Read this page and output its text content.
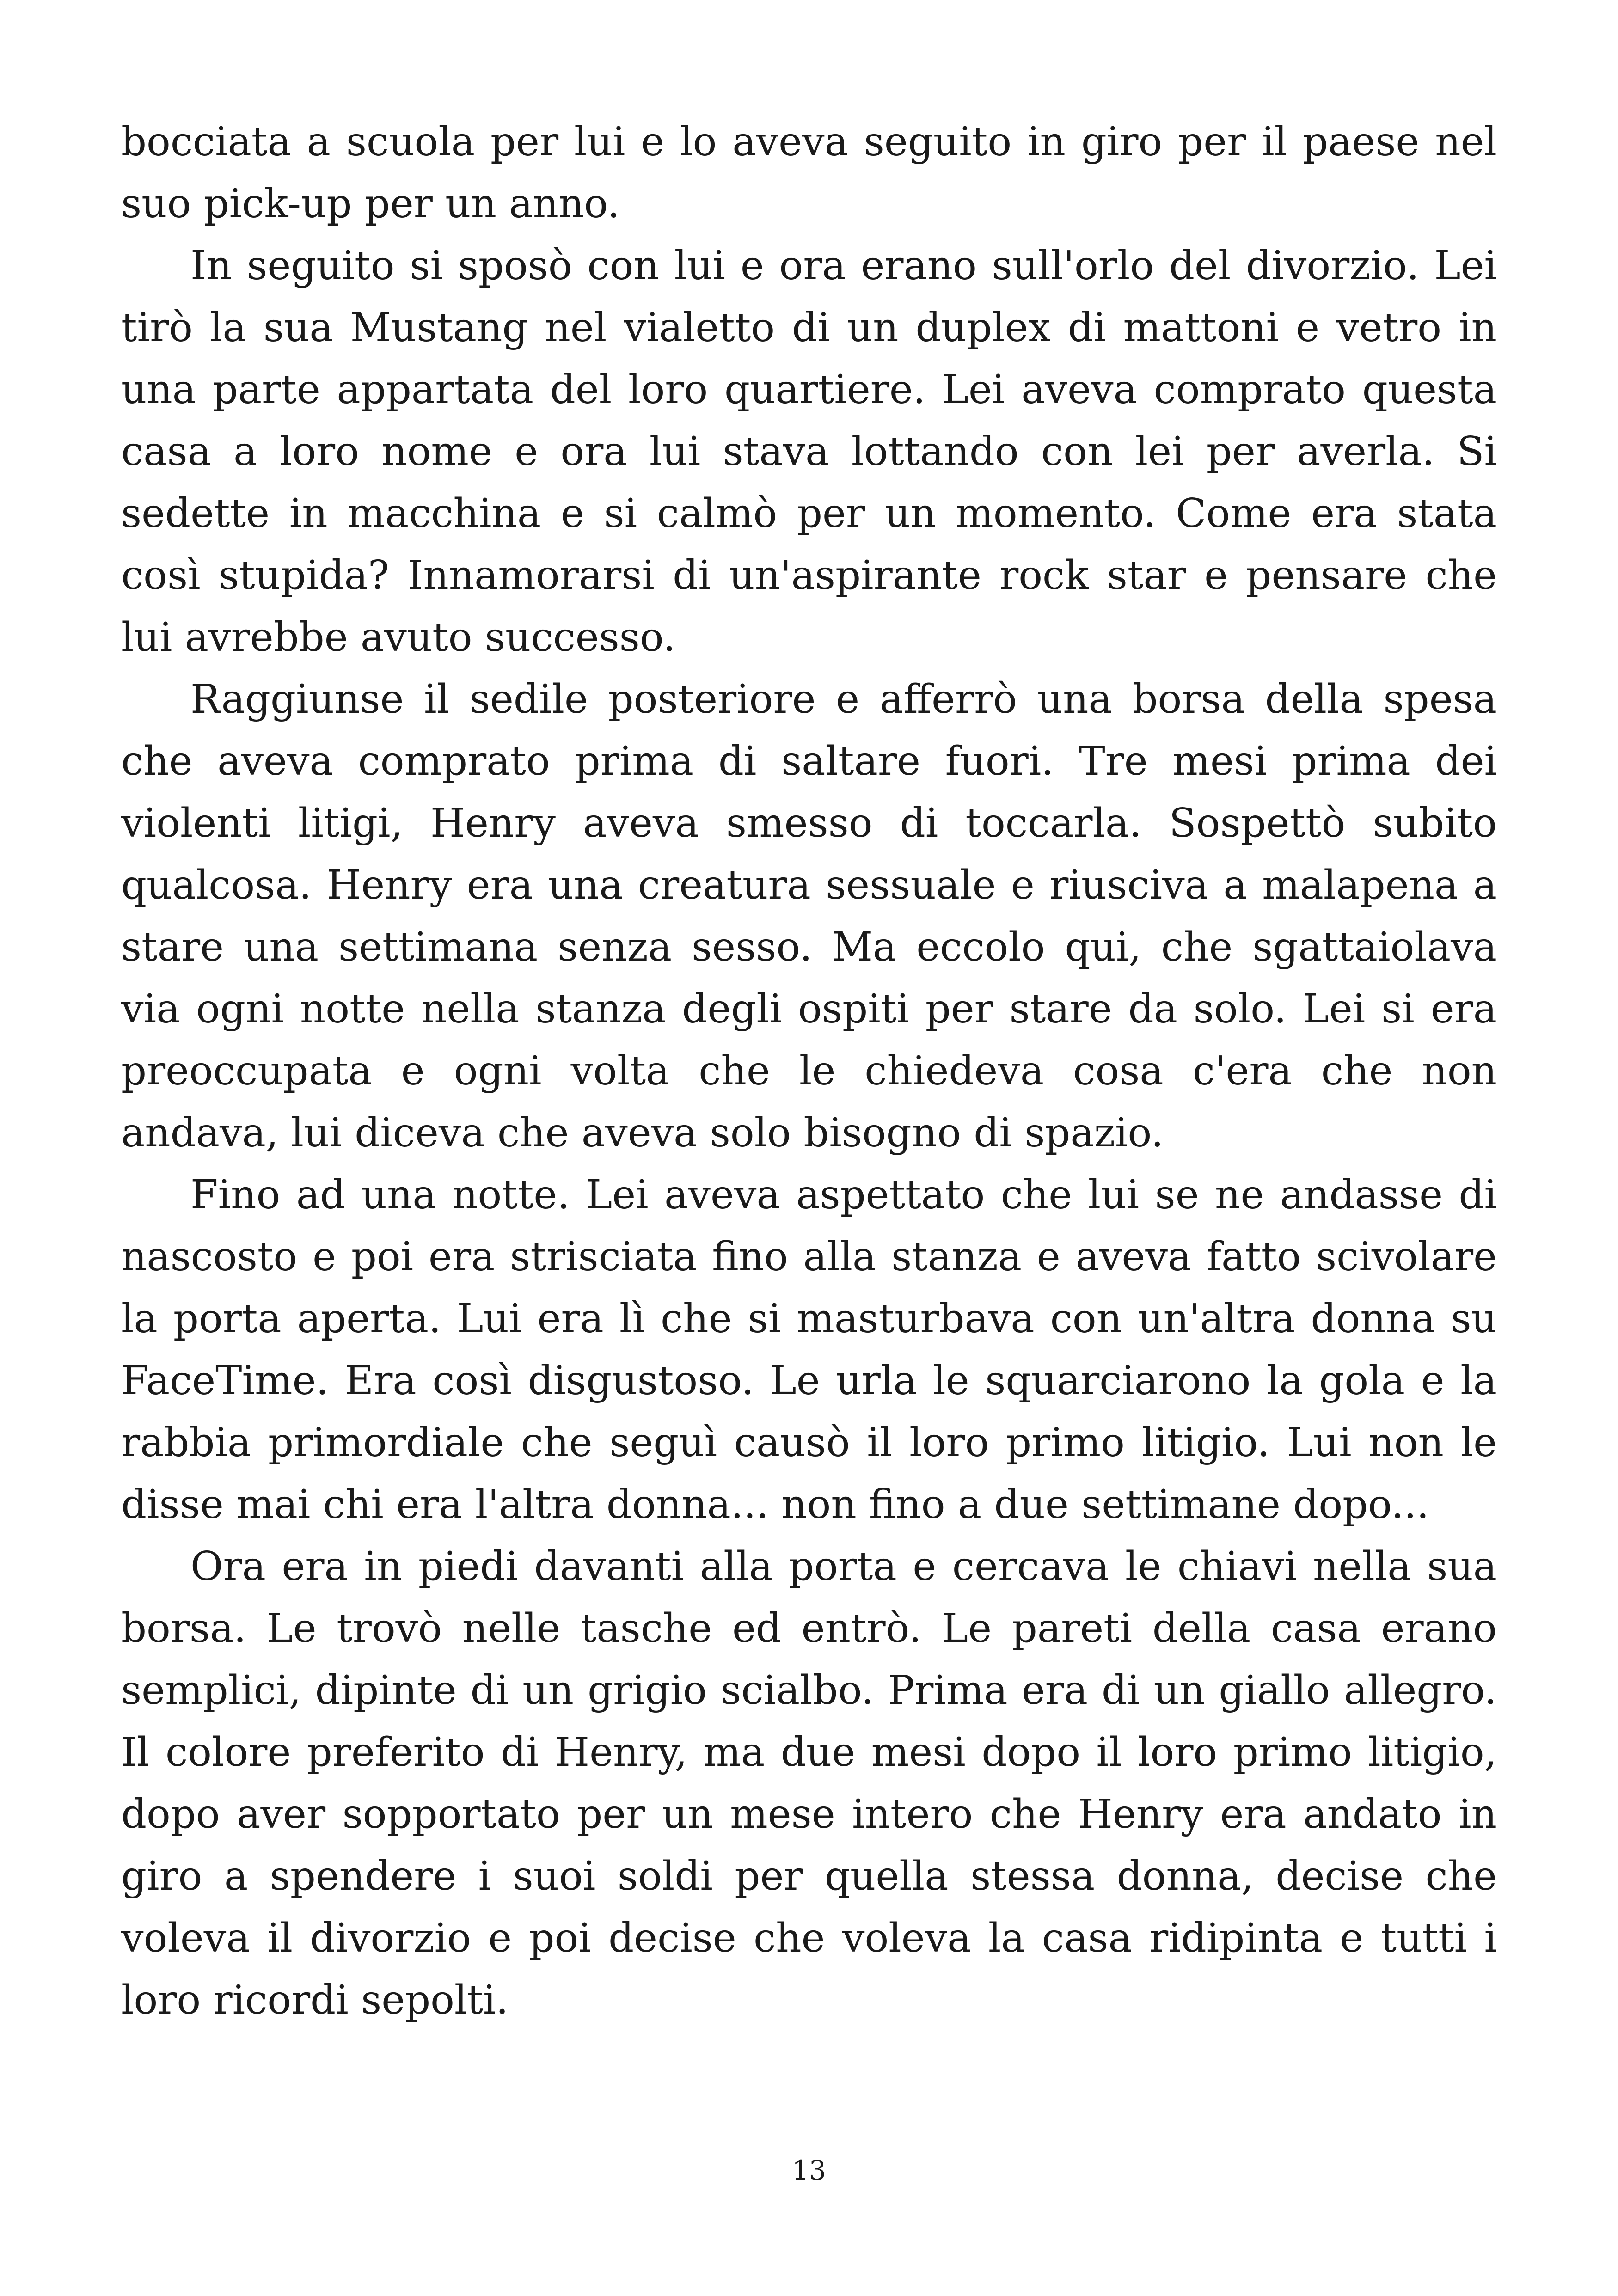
bocciata a scuola per lui e lo aveva seguito in giro per il paese nel suo pick-up per un anno.

In seguito si sposò con lui e ora erano sull'orlo del divorzio. Lei tirò la sua Mustang nel vialetto di un duplex di mattoni e vetro in una parte appartata del loro quartiere. Lei aveva comprato questa casa a loro nome e ora lui stava lottando con lei per averla. Si sedette in macchina e si calmò per un momento. Come era stata così stupida? Innamorarsi di un'aspirante rock star e pensare che lui avrebbe avuto successo.

Raggiunse il sedile posteriore e afferrò una borsa della spesa che aveva comprato prima di saltare fuori. Tre mesi prima dei violenti litigi, Henry aveva smesso di toccarla. Sospettò subito qualcosa. Henry era una creatura sessuale e riusciva a malapena a stare una settimana senza sesso. Ma eccolo qui, che sgattaiolava via ogni notte nella stanza degli ospiti per stare da solo. Lei si era preoccupata e ogni volta che le chiedeva cosa c'era che non andava, lui diceva che aveva solo bisogno di spazio.

Fino ad una notte. Lei aveva aspettato che lui se ne andasse di nascosto e poi era strisciata fino alla stanza e aveva fatto scivolare la porta aperta. Lui era lì che si masturbava con un'altra donna su FaceTime. Era così disgustoso. Le urla le squarciarono la gola e la rabbia primordiale che seguì causò il loro primo litigio. Lui non le disse mai chi era l'altra donna... non fino a due settimane dopo...

Ora era in piedi davanti alla porta e cercava le chiavi nella sua borsa. Le trovò nelle tasche ed entrò. Le pareti della casa erano semplici, dipinte di un grigio scialbo. Prima era di un giallo allegro. Il colore preferito di Henry, ma due mesi dopo il loro primo litigio, dopo aver sopportato per un mese intero che Henry era andato in giro a spendere i suoi soldi per quella stessa donna, decise che voleva il divorzio e poi decise che voleva la casa ridipinta e tutti i loro ricordi sepolti.

13
